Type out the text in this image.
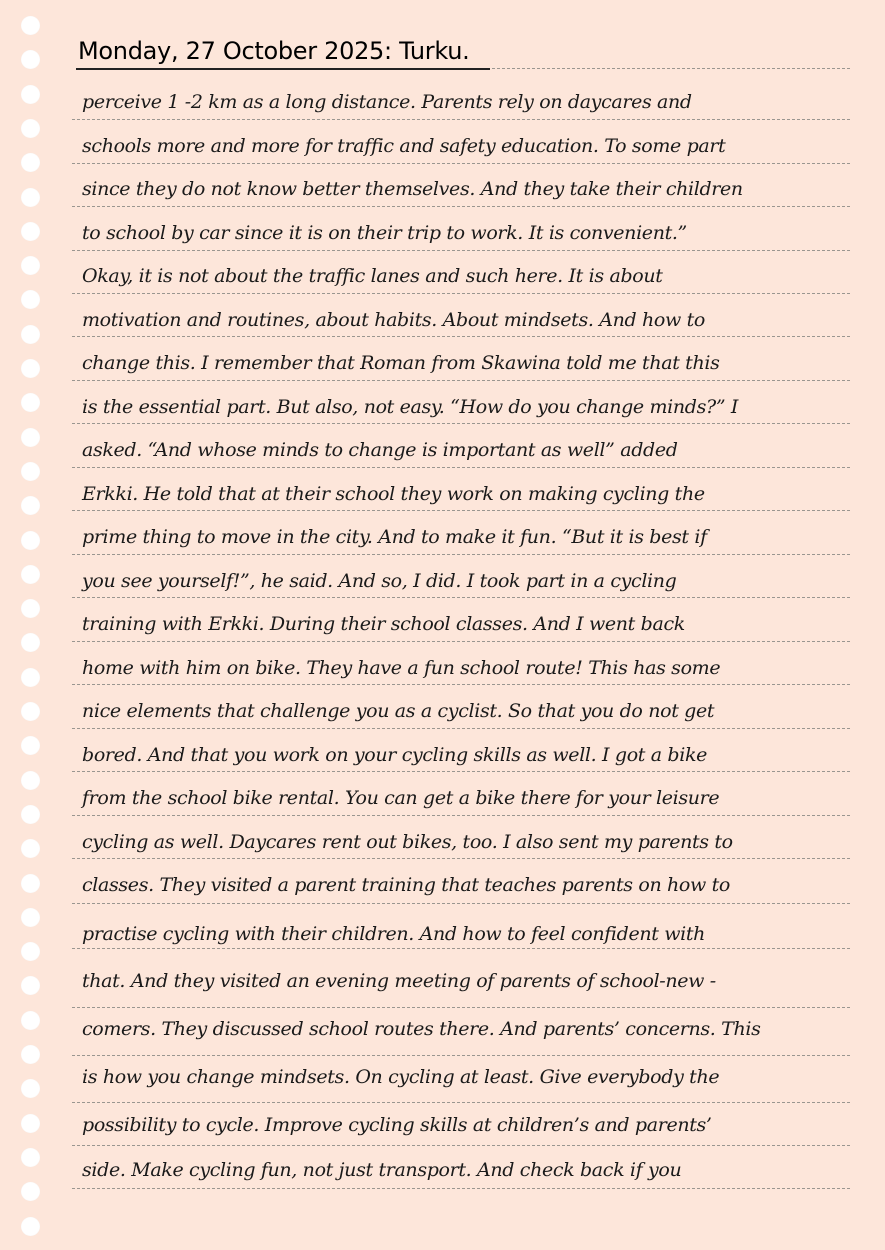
Monday, 27 October 2025: Turku.
perceive 1 -2 km as a long distance. Parents rely on daycares and
schools more and more for traffic and safety education. To some part
since they do not know better themselves. And they take their children
to school by car since it is on their trip to work. It is convenient.”
Okay, it is not about the traffic lanes and such here. It is about
motivation and routines, about habits. About mindsets. And how to
change this. I remember that Roman from Skawina told me that this
is the essential part. But also, not easy. “How do you change minds?” I
asked. “And whose minds to change is important as well” added
Erkki. He told that at their school they work on making cycling the
prime thing to move in the city. And to make it fun. “But it is best if
you see yourself!”, he said. And so, I did. I took part in a cycling
training with Erkki. During their school classes. And I went back
home with him on bike. They have a fun school route! This has some
nice elements that challenge you as a cyclist. So that you do not get
bored. And that you work on your cycling skills as well. I got a bike
from the school bike rental. You can get a bike there for your leisure
cycling as well. Daycares rent out bikes, too. I also sent my parents to
classes. They visited a parent training that teaches parents on how to
practise cycling with their children. And how to feel confident with
that. And they visited an evening meeting of parents of school-new -
comers. They discussed school routes there. And parents’ concerns. This
is how you change mindsets. On cycling at least. Give everybody the
possibility to cycle. Improve cycling skills at children’s and parents’
side. Make cycling fun, not just transport. And check back if you
